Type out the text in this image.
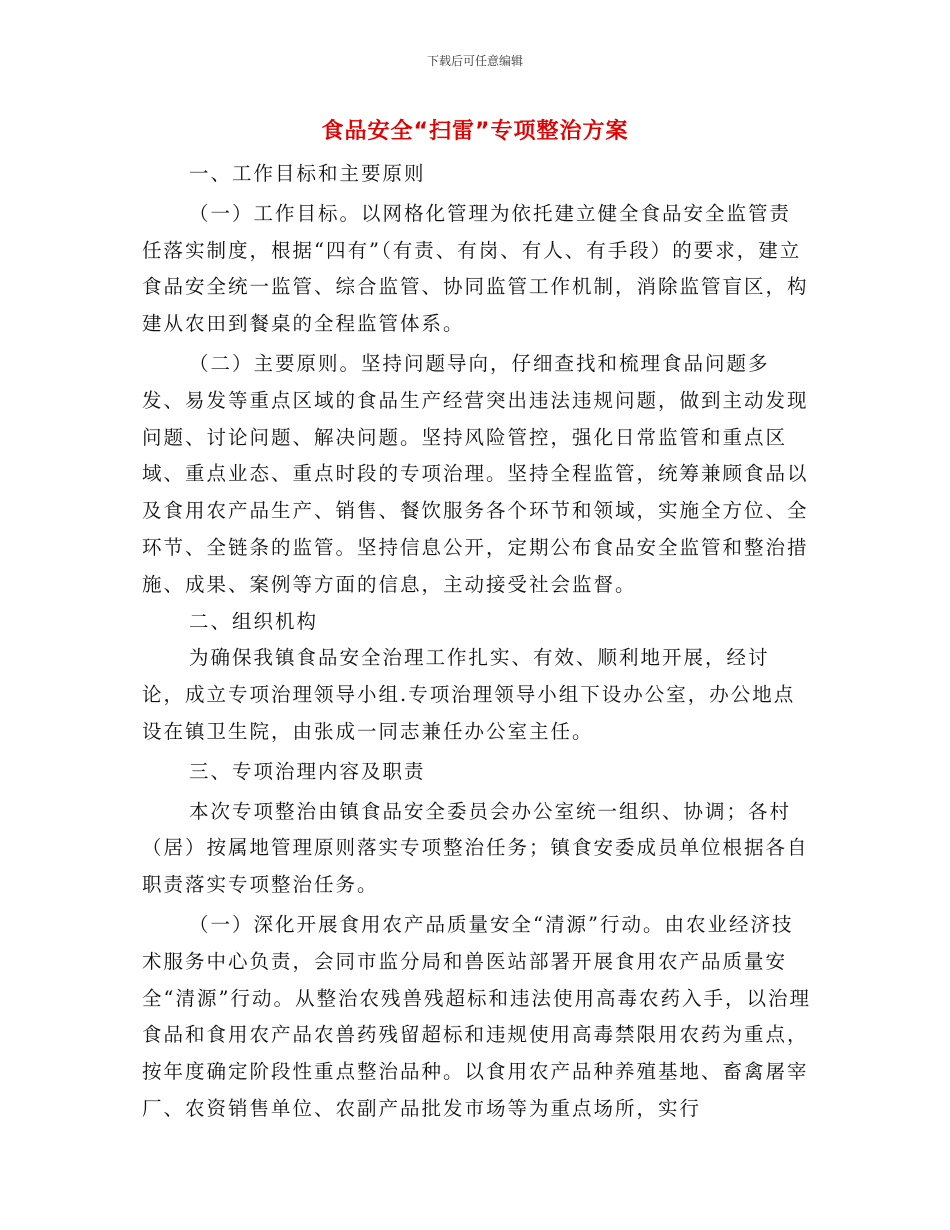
下载后可任意编辑
食品安全“扫雷”专项整治方案

一、工作目标和主要原则

（一）工作目标。以网格化管理为依托建立健全食品安全监管责任落实制度，根据“四有”（有责、有岗、有人、有手段）的要求，建立食品安全统一监管、综合监管、协同监管工作机制，消除监管盲区，构建从农田到餐桌的全程监管体系。

（二）主要原则。坚持问题导向，仔细查找和梳理食品问题多发、易发等重点区域的食品生产经营突出违法违规问题，做到主动发现问题、讨论问题、解决问题。坚持风险管控，强化日常监管和重点区域、重点业态、重点时段的专项治理。坚持全程监管，统筹兼顾食品以及食用农产品生产、销售、餐饮服务各个环节和领域，实施全方位、全环节、全链条的监管。坚持信息公开，定期公布食品安全监管和整治措施、成果、案例等方面的信息，主动接受社会监督。

二、组织机构

为确保我镇食品安全治理工作扎实、有效、顺利地开展，经讨论，成立专项治理领导小组.专项治理领导小组下设办公室，办公地点设在镇卫生院，由张成一同志兼任办公室主任。

三、专项治理内容及职责

本次专项整治由镇食品安全委员会办公室统一组织、协调；各村（居）按属地管理原则落实专项整治任务；镇食安委成员单位根据各自职责落实专项整治任务。

（一）深化开展食用农产品质量安全“清源”行动。由农业经济技术服务中心负责，会同市监分局和兽医站部署开展食用农产品质量安全“清源”行动。从整治农残兽残超标和违法使用高毒农药入手，以治理食品和食用农产品农兽药残留超标和违规使用高毒禁限用农药为重点，按年度确定阶段性重点整治品种。以食用农产品种养殖基地、畜禽屠宰厂、农资销售单位、农副产品批发市场等为重点场所，实行
